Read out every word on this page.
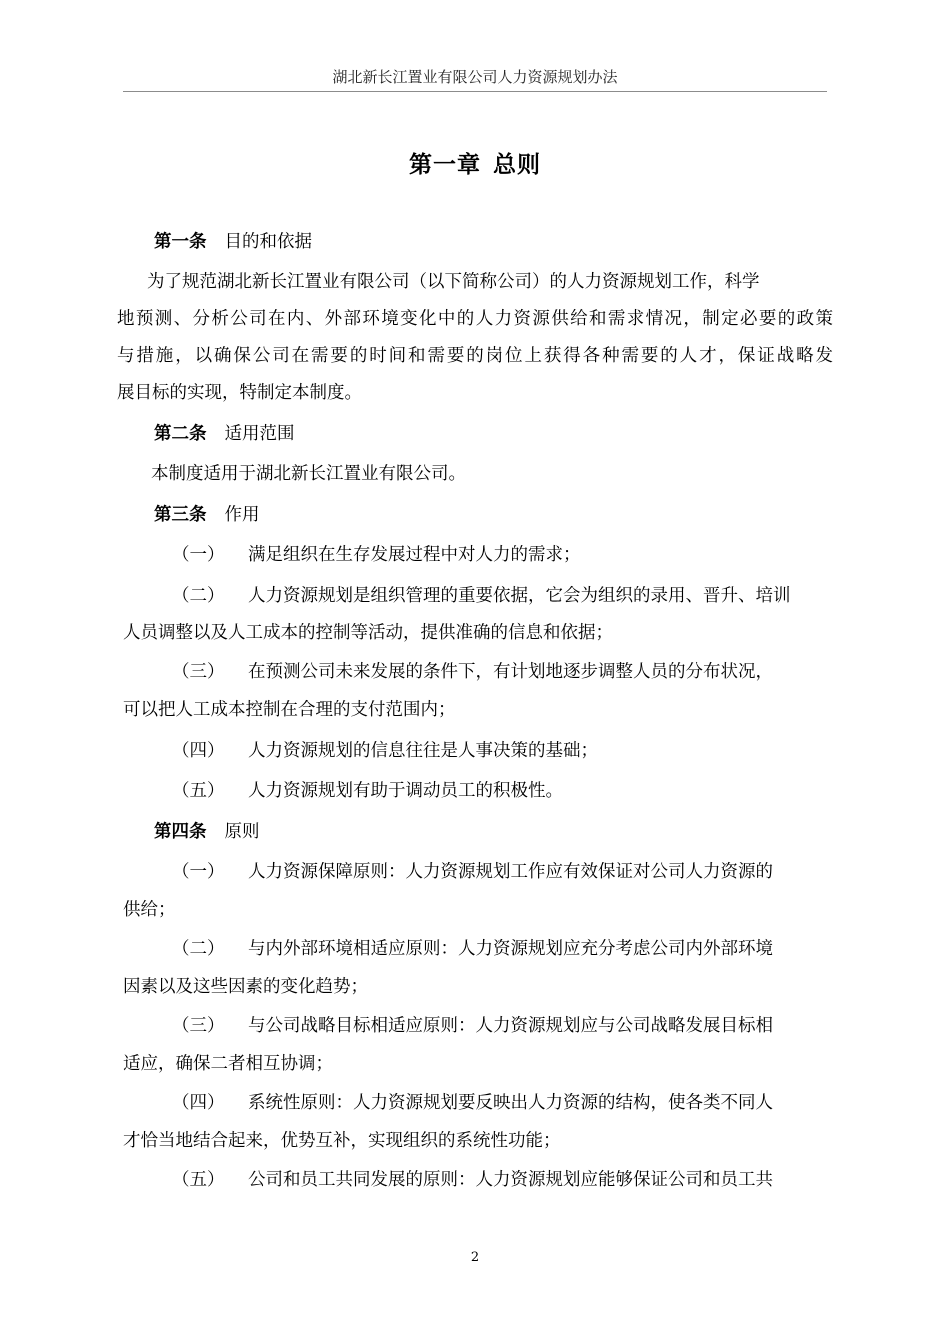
湖北新长江置业有限公司人力资源规划办法
第一章 总则
第一条 目的和依据
为了规范湖北新长江置业有限公司（以下简称公司）的人力资源规划工作，科学
地预测、分析公司在内、外部环境变化中的人力资源供给和需求情况，制定必要的政策
与措施，以确保公司在需要的时间和需要的岗位上获得各种需要的人才，保证战略发
展目标的实现，特制定本制度。
第二条 适用范围
本制度适用于湖北新长江置业有限公司。
第三条 作用
（一） 满足组织在生存发展过程中对人力的需求；
（二） 人力资源规划是组织管理的重要依据，它会为组织的录用、晋升、培训
人员调整以及人工成本的控制等活动，提供准确的信息和依据；
（三） 在预测公司未来发展的条件下，有计划地逐步调整人员的分布状况，
可以把人工成本控制在合理的支付范围内；
（四） 人力资源规划的信息往往是人事决策的基础；
（五） 人力资源规划有助于调动员工的积极性。
第四条 原则
（一） 人力资源保障原则：人力资源规划工作应有效保证对公司人力资源的
供给；
（二） 与内外部环境相适应原则：人力资源规划应充分考虑公司内外部环境
因素以及这些因素的变化趋势；
（三） 与公司战略目标相适应原则：人力资源规划应与公司战略发展目标相
适应，确保二者相互协调；
（四） 系统性原则：人力资源规划要反映出人力资源的结构，使各类不同人
才恰当地结合起来，优势互补，实现组织的系统性功能；
（五） 公司和员工共同发展的原则：人力资源规划应能够保证公司和员工共
2
